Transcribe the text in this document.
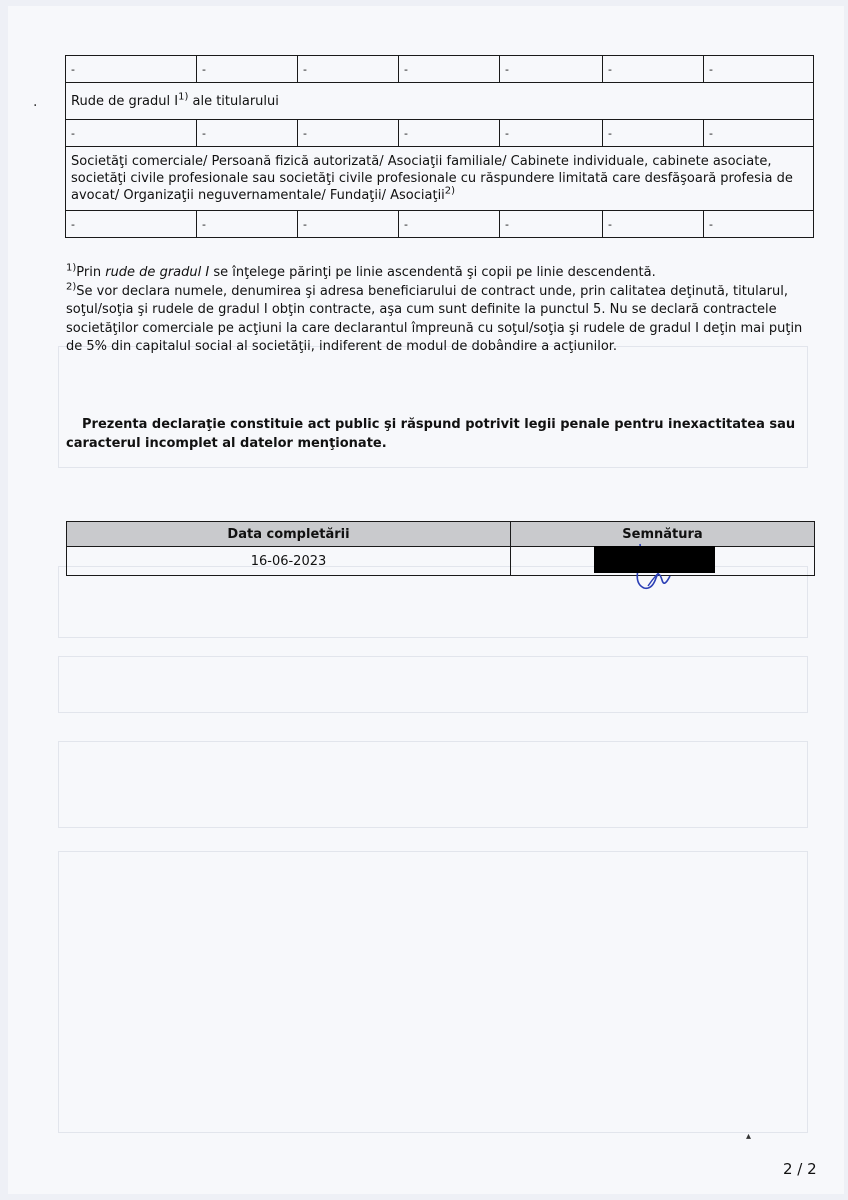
-	-	-	-	-	-	-
Rude de gradul $I^{1)}$ ale titularului						
-	-	-	-	-	-	-
Societăţi comerciale/ Persoană fizică autorizată/ Asociaţii familiale/ Cabinete individuale, cabinete asociate, societăţi civile profesionale sau societăţi civile profesionale cu răspundere limitată care desfăşoară profesia de avocat/ Organizaţii neguvernamentale/ Fundaţii/ Asociaţii$^{2)}$
-	-	-	-	-	-	-

$^{1)}$Prin rude de gradul I se înţelege părinţi pe linie ascendentă şi copii pe linie descendentă.

$^{2)}$Se vor declara numele, denumirea şi adresa beneficiarului de contract unde, prin calitatea deţinută, titularul, soţul/soţia şi rudele de gradul I obţin contracte, aşa cum sunt definite la punctul 5. Nu se declară contractele societăţilor comerciale pe acţiuni la care declarantul împreună cu soţul/soţia şi rudele de gradul I deţin mai puţin de 5% din capitalul social al societăţii, indiferent de modul de dobândire a acţiunilor.

Prezenta declaraţie constituie act public şi răspund potrivit legii penale pentru inexactitatea sau caracterul incomplet al datelor menţionate.
Data completării	Semnătura
16-06-2023	
·
▴
2 / 2
